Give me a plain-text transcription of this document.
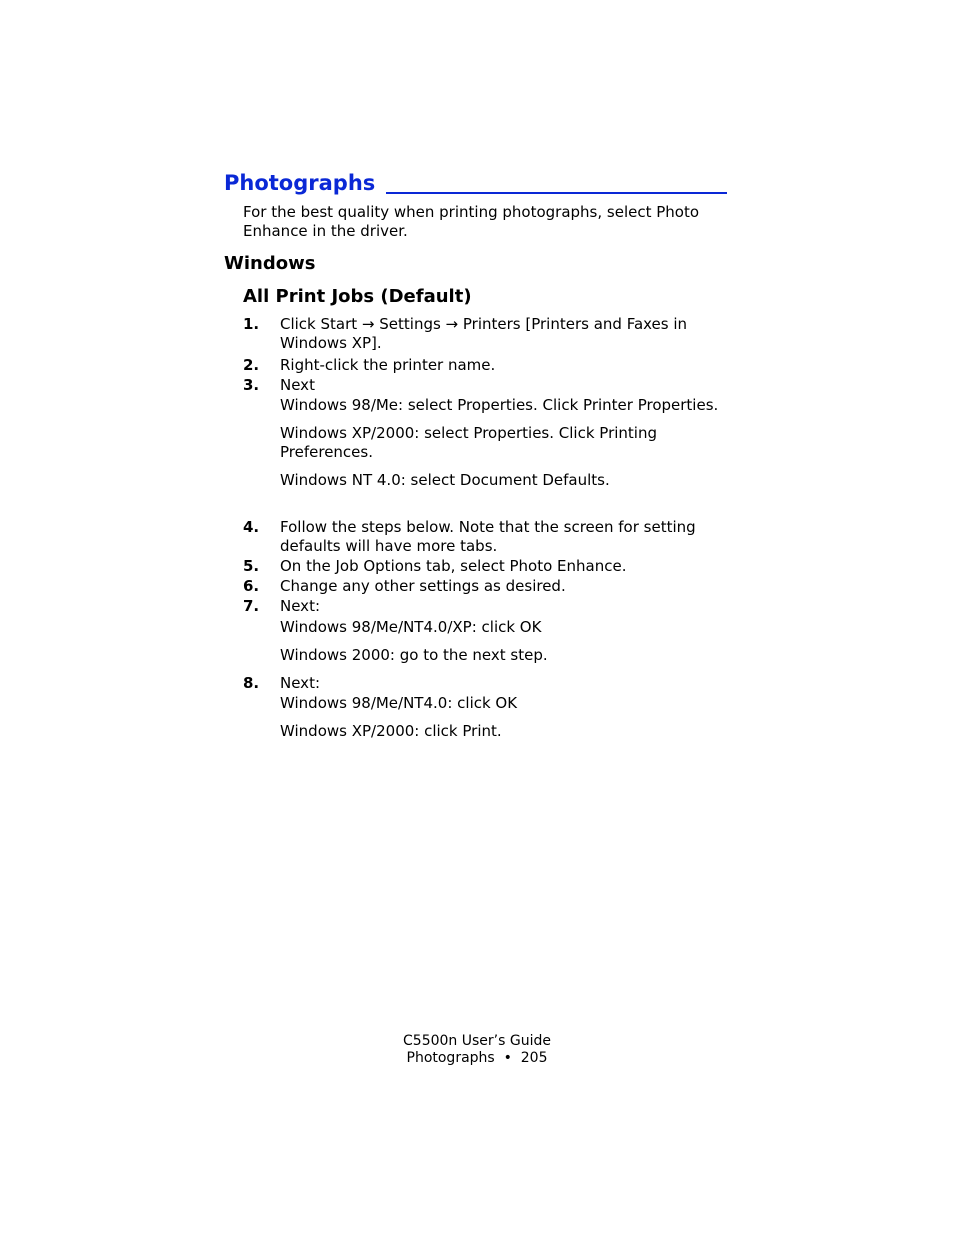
Photographs
For the best quality when printing photographs, select Photo Enhance in the driver.
Windows
All Print Jobs (Default)
1.	Click Start → Settings → Printers [Printers and Faxes in Windows XP].
2.	Right-click the printer name.
3.	Next
Windows 98/Me: select Properties. Click Printer Properties.
Windows XP/2000: select Properties. Click Printing Preferences.
Windows NT 4.0: select Document Defaults.
4.	Follow the steps below. Note that the screen for setting defaults will have more tabs.
5.	On the Job Options tab, select Photo Enhance.
6.	Change any other settings as desired.
7.	Next:
Windows 98/Me/NT4.0/XP: click OK
Windows 2000: go to the next step.
8.	Next:
Windows 98/Me/NT4.0: click OK
Windows XP/2000: click Print.
C5500n User’s Guide
Photographs  •  205
